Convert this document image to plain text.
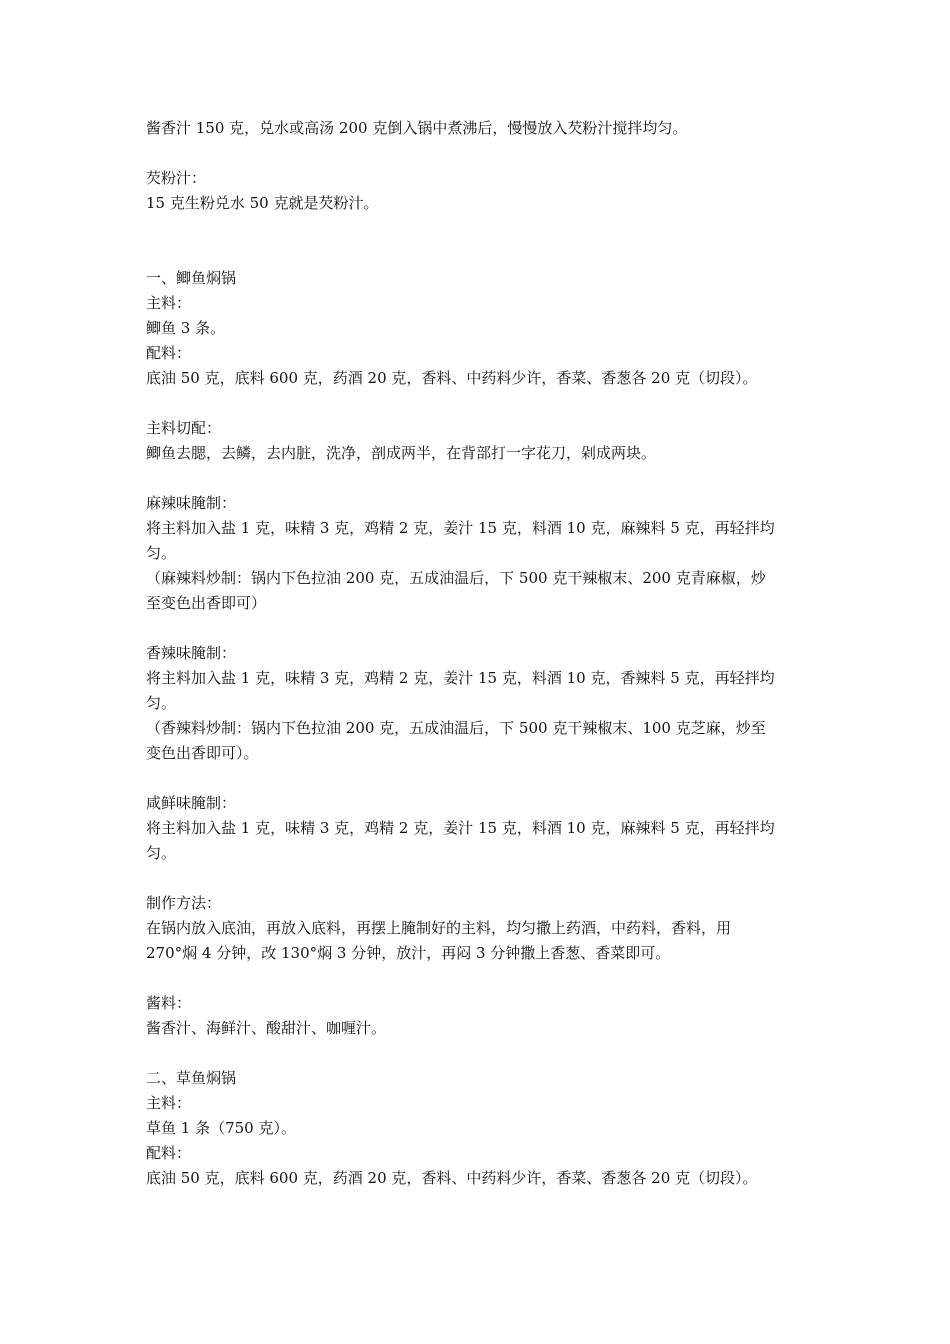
酱香汁 150 克，兑水或高汤 200 克倒入锅中煮沸后，慢慢放入芡粉汁搅拌均匀。

芡粉汁：

15 克生粉兑水 50 克就是芡粉汁。

一、鲫鱼焖锅

主料：

鲫鱼 3 条。

配料：

底油 50 克，底料 600 克，药酒 20 克，香料、中药料少许，香菜、香葱各 20 克（切段）。

主料切配：

鲫鱼去腮，去鳞，去内脏，洗净，剖成两半，在背部打一字花刀，剁成两块。

麻辣味腌制：

将主料加入盐 1 克，味精 3 克，鸡精 2 克，姜汁 15 克，料酒 10 克，麻辣料 5 克，再轻拌均

匀。

（麻辣料炒制：锅内下色拉油 200 克，五成油温后，下 500 克干辣椒末、200 克青麻椒，炒

至变色出香即可）

香辣味腌制：

将主料加入盐 1 克，味精 3 克，鸡精 2 克，姜汁 15 克，料酒 10 克，香辣料 5 克，再轻拌均

匀。

（香辣料炒制：锅内下色拉油 200 克，五成油温后，下 500 克干辣椒末、100 克芝麻，炒至

变色出香即可）。

咸鲜味腌制：

将主料加入盐 1 克，味精 3 克，鸡精 2 克，姜汁 15 克，料酒 10 克，麻辣料 5 克，再轻拌均

匀。

制作方法：

在锅内放入底油，再放入底料，再摆上腌制好的主料，均匀撒上药酒，中药料，香料，用

270°焖 4 分钟，改 130°焖 3 分钟，放汁，再闷 3 分钟撒上香葱、香菜即可。

酱料：

酱香汁、海鲜汁、酸甜汁、咖喱汁。

二、草鱼焖锅

主料：

草鱼 1 条（750 克）。

配料：

底油 50 克，底料 600 克，药酒 20 克，香料、中药料少许，香菜、香葱各 20 克（切段）。
